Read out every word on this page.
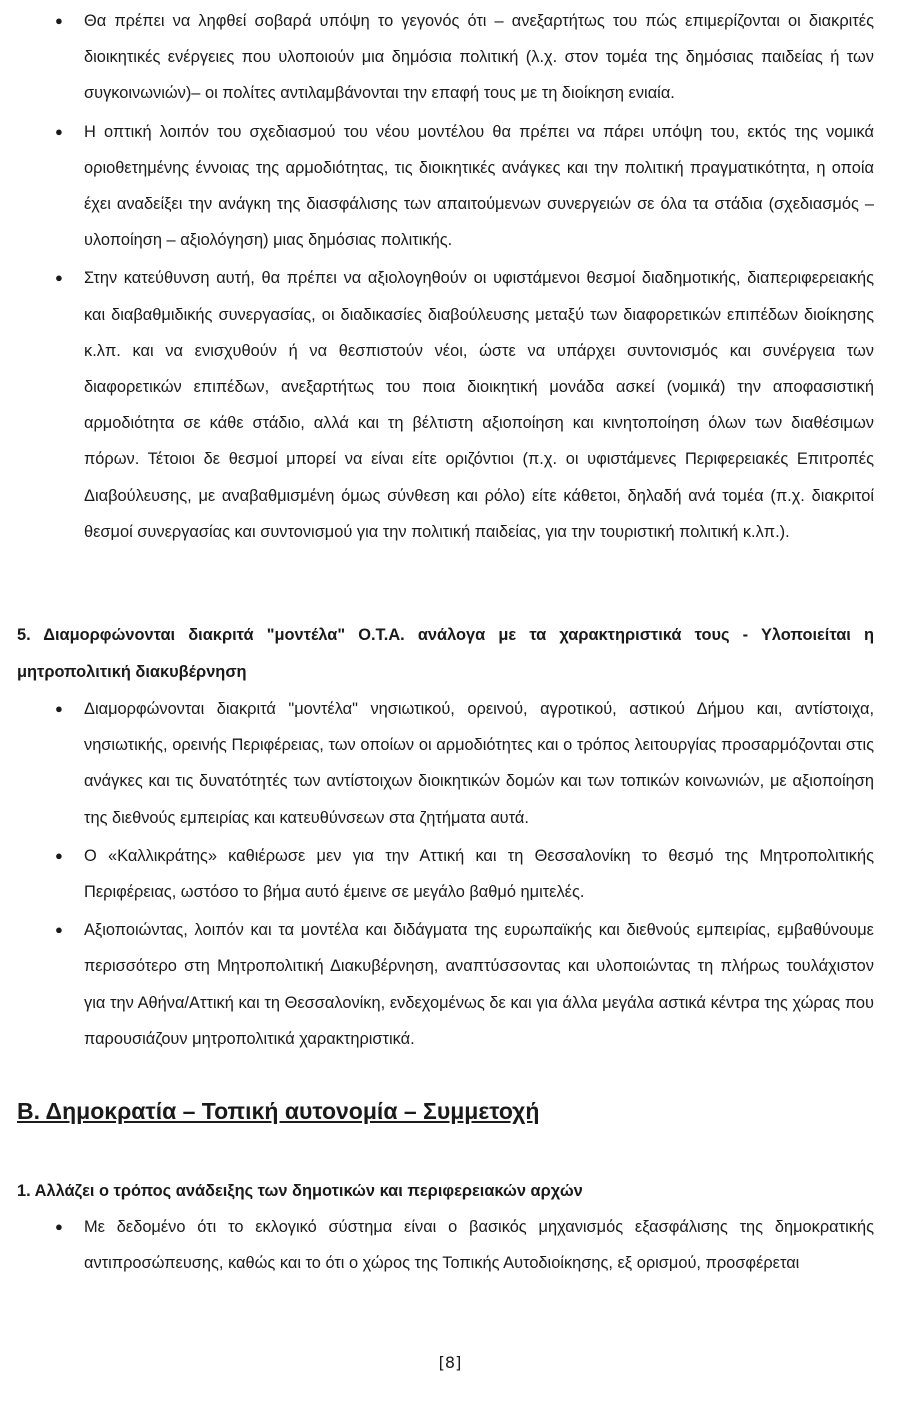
● Θα πρέπει να ληφθεί σοβαρά υπόψη το γεγονός ότι – ανεξαρτήτως του πώς επιμερίζονται οι διακριτές διοικητικές ενέργειες που υλοποιούν μια δημόσια πολιτική (λ.χ. στον τομέα της δημόσιας παιδείας ή των συγκοινωνιών)– οι πολίτες αντιλαμβάνονται την επαφή τους με τη διοίκηση ενιαία.
● Η οπτική λοιπόν του σχεδιασμού του νέου μοντέλου θα πρέπει να πάρει υπόψη του, εκτός της νομικά οριοθετημένης έννοιας της αρμοδιότητας, τις διοικητικές ανάγκες και την πολιτική πραγματικότητα, η οποία έχει αναδείξει την ανάγκη της διασφάλισης των απαιτούμενων συνεργειών σε όλα τα στάδια (σχεδιασμός – υλοποίηση – αξιολόγηση) μιας δημόσιας πολιτικής.
● Στην κατεύθυνση αυτή, θα πρέπει να αξιολογηθούν οι υφιστάμενοι θεσμοί διαδημοτικής, διαπεριφερειακής και διαβαθμιδικής συνεργασίας, οι διαδικασίες διαβούλευσης μεταξύ των διαφορετικών επιπέδων διοίκησης κ.λπ. και να ενισχυθούν ή να θεσπιστούν νέοι, ώστε να υπάρχει συντονισμός και συνέργεια των διαφορετικών επιπέδων, ανεξαρτήτως του ποια διοικητική μονάδα ασκεί (νομικά) την αποφασιστική αρμοδιότητα σε κάθε στάδιο, αλλά και τη βέλτιστη αξιοποίηση και κινητοποίηση όλων των διαθέσιμων πόρων. Τέτοιοι δε θεσμοί μπορεί να είναι είτε οριζόντιοι (π.χ. οι υφιστάμενες Περιφερειακές Επιτροπές Διαβούλευσης, με αναβαθμισμένη όμως σύνθεση και ρόλο) είτε κάθετοι, δηλαδή ανά τομέα (π.χ. διακριτοί θεσμοί συνεργασίας και συντονισμού για την πολιτική παιδείας, για την τουριστική πολιτική κ.λπ.).
5. Διαμορφώνονται διακριτά "μοντέλα" Ο.Τ.Α. ανάλογα με τα χαρακτηριστικά τους - Υλοποιείται η μητροπολιτική διακυβέρνηση
● Διαμορφώνονται διακριτά "μοντέλα" νησιωτικού, ορεινού, αγροτικού, αστικού Δήμου και, αντίστοιχα, νησιωτικής, ορεινής Περιφέρειας, των οποίων οι αρμοδιότητες και ο τρόπος λειτουργίας προσαρμόζονται στις ανάγκες και τις δυνατότητές των αντίστοιχων διοικητικών δομών και των τοπικών κοινωνιών, με αξιοποίηση της διεθνούς εμπειρίας και κατευθύνσεων στα ζητήματα αυτά.
● Ο «Καλλικράτης» καθιέρωσε μεν για την Αττική και τη Θεσσαλονίκη το θεσμό της Μητροπολιτικής Περιφέρειας, ωστόσο το βήμα αυτό έμεινε σε μεγάλο βαθμό ημιτελές.
● Αξιοποιώντας, λοιπόν και τα μοντέλα και διδάγματα της ευρωπαϊκής και διεθνούς εμπειρίας, εμβαθύνουμε περισσότερο στη Μητροπολιτική Διακυβέρνηση, αναπτύσσοντας και υλοποιώντας τη πλήρως τουλάχιστον για την Αθήνα/Αττική και τη Θεσσαλονίκη, ενδεχομένως δε και για άλλα μεγάλα αστικά κέντρα της χώρας που παρουσιάζουν μητροπολιτικά χαρακτηριστικά.
Β. Δημοκρατία – Τοπική αυτονομία – Συμμετοχή
1. Αλλάζει ο τρόπος ανάδειξης των δημοτικών και περιφερειακών αρχών
● Με δεδομένο ότι το εκλογικό σύστημα είναι ο βασικός μηχανισμός εξασφάλισης της δημοκρατικής αντιπροσώπευσης, καθώς και το ότι ο χώρος της Τοπικής Αυτοδιοίκησης, εξ ορισμού, προσφέρεται
[8]
